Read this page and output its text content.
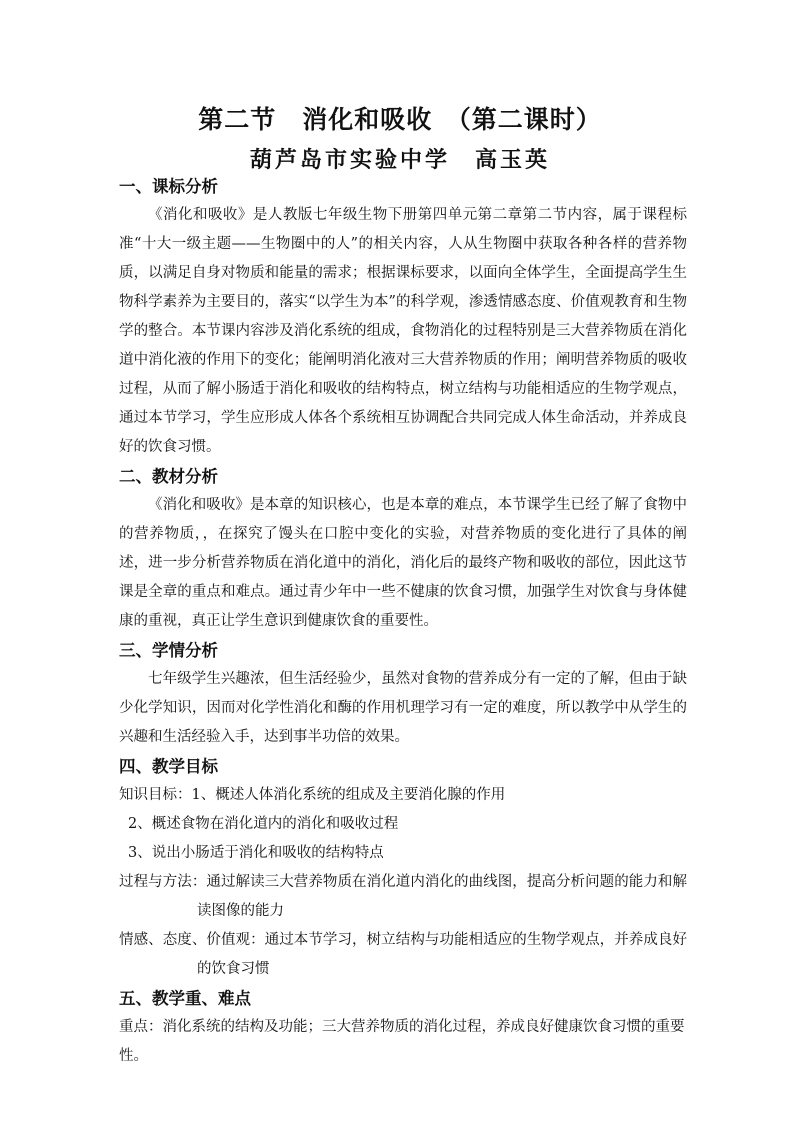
第二节　消化和吸收　（第二课时）
葫芦岛市实验中学　高玉英
一、课标分析

《消化和吸收》是人教版七年级生物下册第四单元第二章第二节内容，属于课程标准“十大一级主题——生物圈中的人”的相关内容，人从生物圈中获取各种各样的营养物质，以满足自身对物质和能量的需求；根据课标要求，以面向全体学生，全面提高学生生物科学素养为主要目的，落实“以学生为本”的科学观，渗透情感态度、价值观教育和生物学的整合。本节课内容涉及消化系统的组成，食物消化的过程特别是三大营养物质在消化道中消化液的作用下的变化；能阐明消化液对三大营养物质的作用；阐明营养物质的吸收过程，从而了解小肠适于消化和吸收的结构特点，树立结构与功能相适应的生物学观点，通过本节学习，学生应形成人体各个系统相互协调配合共同完成人体生命活动，并养成良好的饮食习惯。

二、教材分析

《消化和吸收》是本章的知识核心，也是本章的难点，本节课学生已经了解了食物中的营养物质，，在探究了馒头在口腔中变化的实验，对营养物质的变化进行了具体的阐述，进一步分析营养物质在消化道中的消化，消化后的最终产物和吸收的部位，因此这节课是全章的重点和难点。通过青少年中一些不健康的饮食习惯，加强学生对饮食与身体健康的重视，真正让学生意识到健康饮食的重要性。

三、学情分析

七年级学生兴趣浓，但生活经验少，虽然对食物的营养成分有一定的了解，但由于缺少化学知识，因而对化学性消化和酶的作用机理学习有一定的难度，所以教学中从学生的兴趣和生活经验入手，达到事半功倍的效果。

四、教学目标
知识目标：1、概述人体消化系统的组成及主要消化腺的作用
2、概述食物在消化道内的消化和吸收过程
3、说出小肠适于消化和吸收的结构特点
过程与方法：通过解读三大营养物质在消化道内消化的曲线图，提高分析问题的能力和解读图像的能力
情感、态度、价值观：通过本节学习，树立结构与功能相适应的生物学观点，并养成良好的饮食习惯
五、教学重、难点
重点：消化系统的结构及功能；三大营养物质的消化过程，养成良好健康饮食习惯的重要性。
